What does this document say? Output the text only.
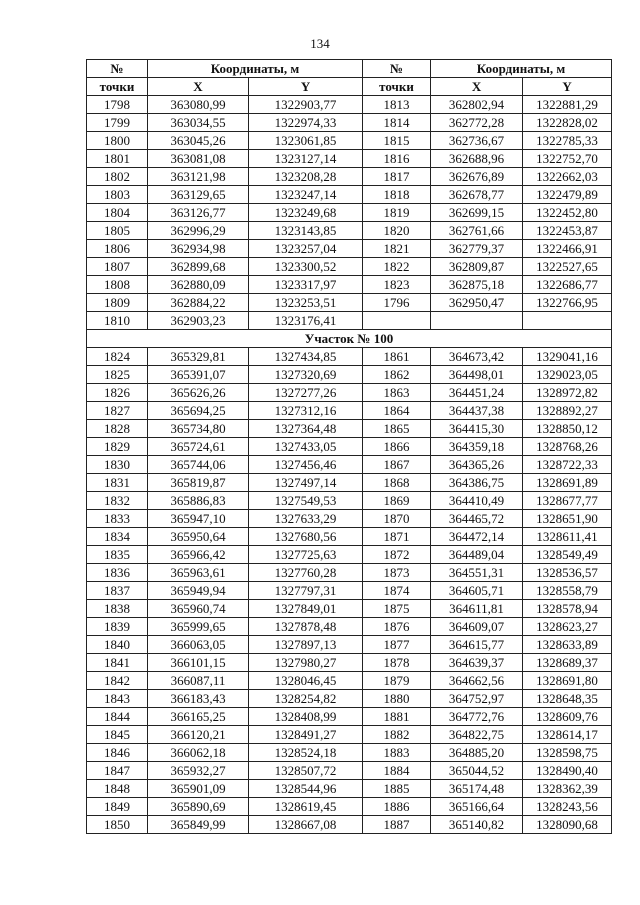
134
№	Координаты, м		№	Координаты, м	
точки	X	Y	точки	X	Y
1798	363080,99	1322903,77	1813	362802,94	1322881,29
1799	363034,55	1322974,33	1814	362772,28	1322828,02
1800	363045,26	1323061,85	1815	362736,67	1322785,33
1801	363081,08	1323127,14	1816	362688,96	1322752,70
1802	363121,98	1323208,28	1817	362676,89	1322662,03
1803	363129,65	1323247,14	1818	362678,77	1322479,89
1804	363126,77	1323249,68	1819	362699,15	1322452,80
1805	362996,29	1323143,85	1820	362761,66	1322453,87
1806	362934,98	1323257,04	1821	362779,37	1322466,91
1807	362899,68	1323300,52	1822	362809,87	1322527,65
1808	362880,09	1323317,97	1823	362875,18	1322686,77
1809	362884,22	1323253,51	1796	362950,47	1322766,95
1810	362903,23	1323176,41			
Участок № 100					
1824	365329,81	1327434,85	1861	364673,42	1329041,16
1825	365391,07	1327320,69	1862	364498,01	1329023,05
1826	365626,26	1327277,26	1863	364451,24	1328972,82
1827	365694,25	1327312,16	1864	364437,38	1328892,27
1828	365734,80	1327364,48	1865	364415,30	1328850,12
1829	365724,61	1327433,05	1866	364359,18	1328768,26
1830	365744,06	1327456,46	1867	364365,26	1328722,33
1831	365819,87	1327497,14	1868	364386,75	1328691,89
1832	365886,83	1327549,53	1869	364410,49	1328677,77
1833	365947,10	1327633,29	1870	364465,72	1328651,90
1834	365950,64	1327680,56	1871	364472,14	1328611,41
1835	365966,42	1327725,63	1872	364489,04	1328549,49
1836	365963,61	1327760,28	1873	364551,31	1328536,57
1837	365949,94	1327797,31	1874	364605,71	1328558,79
1838	365960,74	1327849,01	1875	364611,81	1328578,94
1839	365999,65	1327878,48	1876	364609,07	1328623,27
1840	366063,05	1327897,13	1877	364615,77	1328633,89
1841	366101,15	1327980,27	1878	364639,37	1328689,37
1842	366087,11	1328046,45	1879	364662,56	1328691,80
1843	366183,43	1328254,82	1880	364752,97	1328648,35
1844	366165,25	1328408,99	1881	364772,76	1328609,76
1845	366120,21	1328491,27	1882	364822,75	1328614,17
1846	366062,18	1328524,18	1883	364885,20	1328598,75
1847	365932,27	1328507,72	1884	365044,52	1328490,40
1848	365901,09	1328544,96	1885	365174,48	1328362,39
1849	365890,69	1328619,45	1886	365166,64	1328243,56
1850	365849,99	1328667,08	1887	365140,82	1328090,68
